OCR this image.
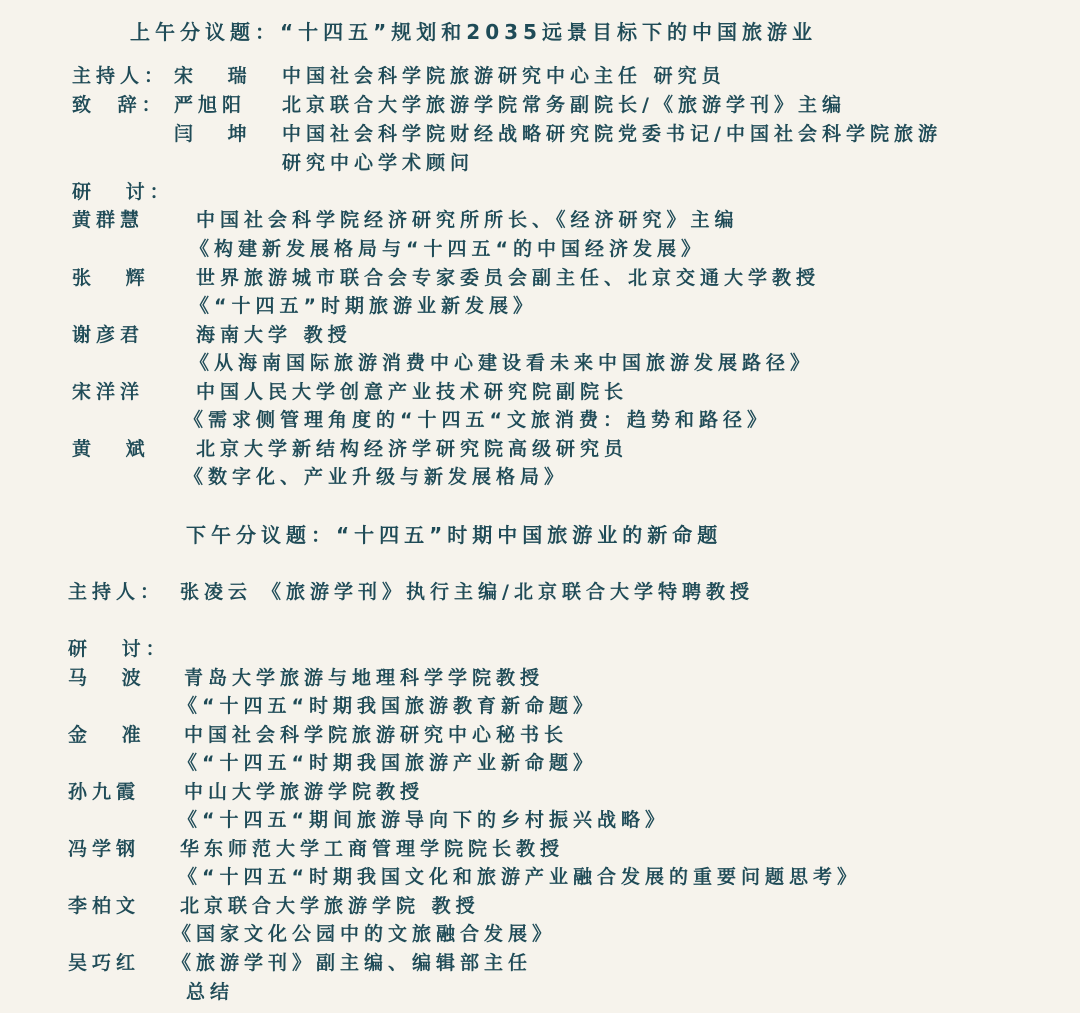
上午分议题：“十四五”规划和2035远景目标下的中国旅游业
主持人： 宋 瑞 中国社会科学院旅游研究中心主任 研究员
致 辞： 严旭阳 北京联合大学旅游学院常务副院长/《旅游学刊》主编
闫 坤 中国社会科学院财经战略研究院党委书记/中国社会科学院旅游
研究中心学术顾问
研 讨：
黄群慧	中国社会科学院经济研究所所长、《经济研究》主编
《构建新发展格局与“十四五“的中国经济发展》
张 辉 世界旅游城市联合会专家委员会副主任、北京交通大学教授
《“十四五”时期旅游业新发展》
谢彦君	海南大学 教授
《从海南国际旅游消费中心建设看未来中国旅游发展路径》
宋洋洋	中国人民大学创意产业技术研究院副院长
《需求侧管理角度的“十四五“文旅消费：趋势和路径》
黄 斌 北京大学新结构经济学研究院高级研究员
《数字化、产业升级与新发展格局》
下午分议题：“十四五”时期中国旅游业的新命题
主持人： 张凌云 《旅游学刊》执行主编/北京联合大学特聘教授
研 讨：
马 波 青岛大学旅游与地理科学学院教授
《“十四五“时期我国旅游教育新命题》
金 准 中国社会科学院旅游研究中心秘书长
《“十四五“时期我国旅游产业新命题》
孙九霞 中山大学旅游学院教授
《“十四五“期间旅游导向下的乡村振兴战略》
冯学钢 华东师范大学工商管理学院院长教授
《“十四五“时期我国文化和旅游产业融合发展的重要问题思考》
李柏文 北京联合大学旅游学院 教授
《国家文化公园中的文旅融合发展》
吴巧红 《旅游学刊》副主编、编辑部主任
总结
